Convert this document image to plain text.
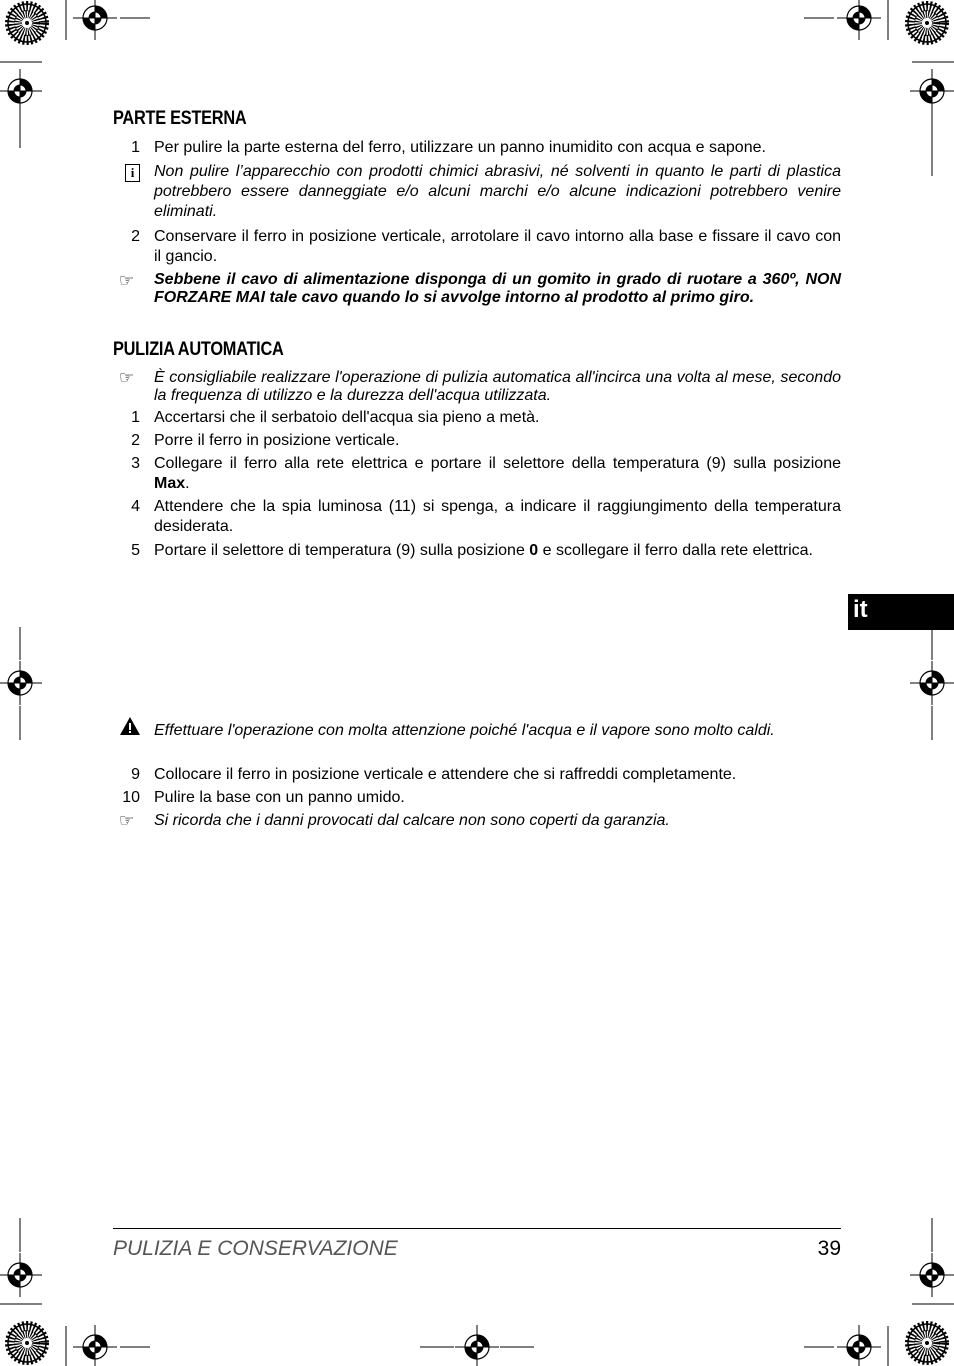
PARTE ESTERNA
1 Per pulire la parte esterna del ferro, utilizzare un panno inumidito con acqua e sapone.
i	Non pulire l’apparecchio con prodotti chimici abrasivi, né solventi in quanto le parti di plastica potrebbero essere danneggiate e/o alcuni marchi e/o alcune indicazioni potrebbero venire eliminati.
2 Conservare il ferro in posizione verticale, arrotolare il cavo intorno alla base e fissare il cavo con il gancio.
☞	Sebbene il cavo di alimentazione disponga di un gomito in grado di ruotare a 360º, NON FORZARE MAI tale cavo quando lo si avvolge intorno al prodotto al primo giro.
PULIZIA AUTOMATICA
☞	È consigliabile realizzare l'operazione di pulizia automatica all'incirca una volta al mese, secondo la frequenza di utilizzo e la durezza dell'acqua utilizzata.
1 Accertarsi che il serbatoio dell'acqua sia pieno a metà.
2 Porre il ferro in posizione verticale.
3 Collegare il ferro alla rete elettrica e portare il selettore della temperatura (9) sulla posizione Max.
4 Attendere che la spia luminosa (11) si spenga, a indicare il raggiungimento della temperatura desiderata.
5 Portare il selettore di temperatura (9) sulla posizione 0 e scollegare il ferro dalla rete elettrica.
Effettuare l'operazione con molta attenzione poiché l'acqua e il vapore sono molto caldi.
9 Collocare il ferro in posizione verticale e attendere che si raffreddi completamente.
10 Pulire la base con un panno umido.
☞	Si ricorda che i danni provocati dal calcare non sono coperti da garanzia.
it
PULIZIA E CONSERVAZIONE	39
